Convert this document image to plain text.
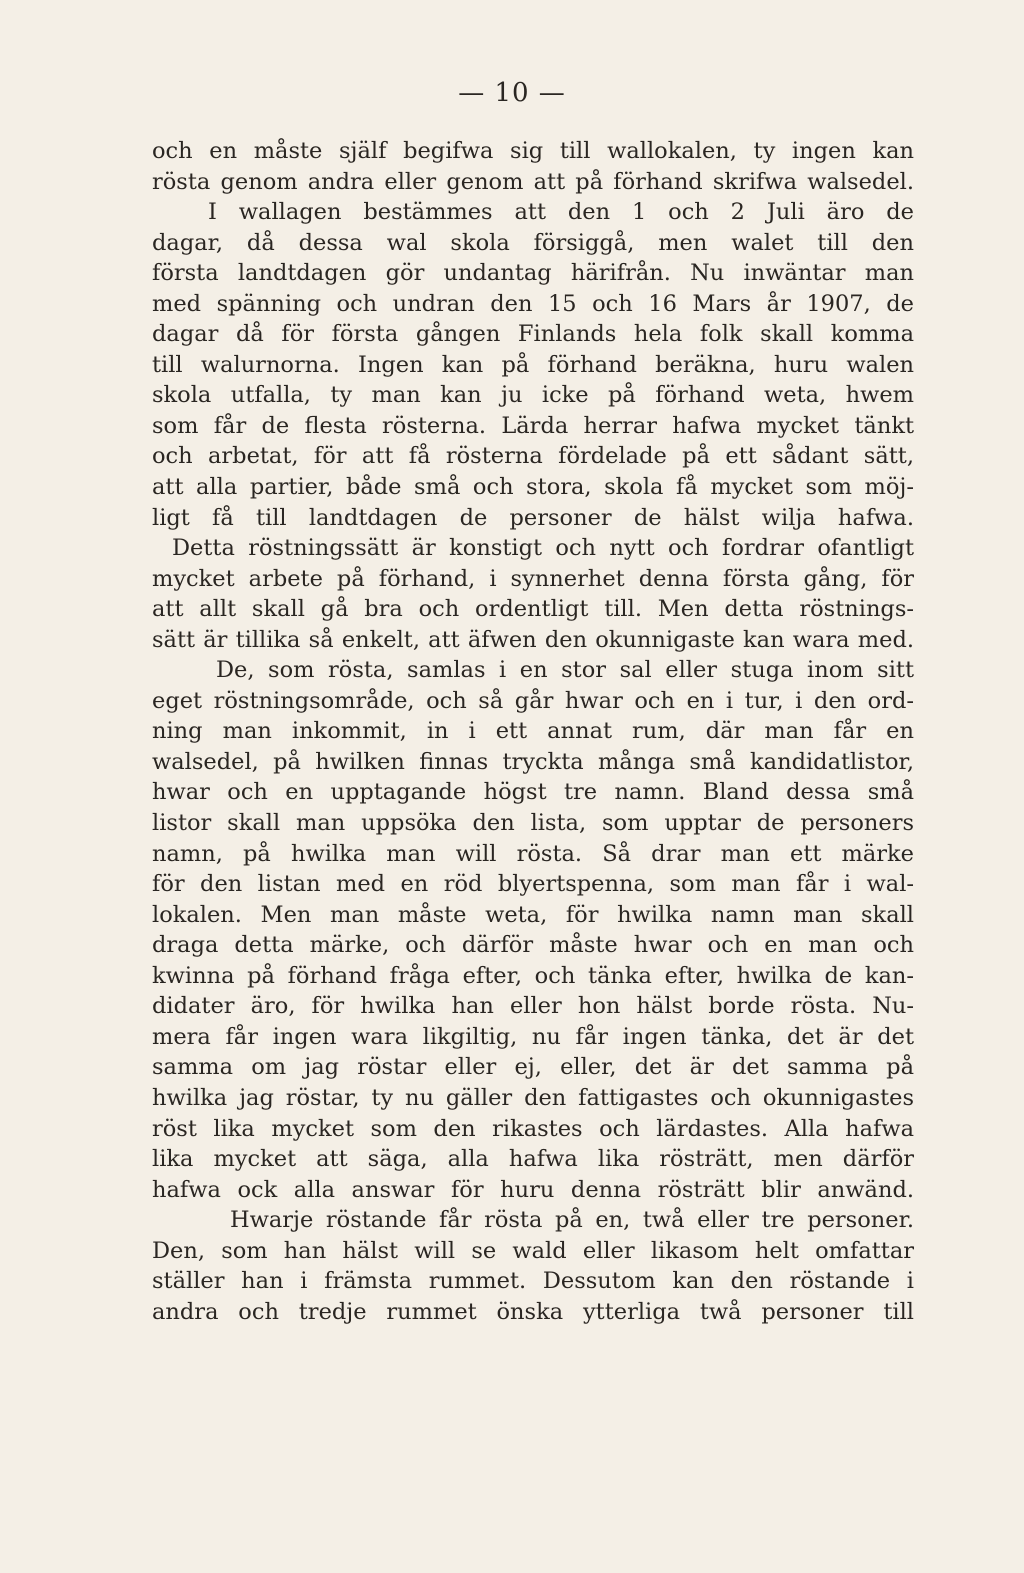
— 10 —
och en måste själf begifwa sig till wallokalen, ty ingen kan
rösta genom andra eller genom att på förhand skrifwa walsedel.
I wallagen bestämmes att den 1 och 2 Juli äro de
dagar, då dessa wal skola försiggå, men walet till den
första landtdagen gör undantag härifrån. Nu inwäntar man
med spänning och undran den 15 och 16 Mars år 1907, de
dagar då för första gången Finlands hela folk skall komma
till walurnorna. Ingen kan på förhand beräkna, huru walen
skola utfalla, ty man kan ju icke på förhand weta, hwem
som får de flesta rösterna. Lärda herrar hafwa mycket tänkt
och arbetat, för att få rösterna fördelade på ett sådant sätt,
att alla partier, både små och stora, skola få mycket som möj-
ligt få till landtdagen de personer de hälst wilja hafwa.
Detta röstningssätt är konstigt och nytt och fordrar ofantligt
mycket arbete på förhand, i synnerhet denna första gång, för
att allt skall gå bra och ordentligt till. Men detta röstnings-
sätt är tillika så enkelt, att äfwen den okunnigaste kan wara med.
De, som rösta, samlas i en stor sal eller stuga inom sitt
eget röstningsområde, och så går hwar och en i tur, i den ord-
ning man inkommit, in i ett annat rum, där man får en
walsedel, på hwilken finnas tryckta många små kandidatlistor,
hwar och en upptagande högst tre namn. Bland dessa små
listor skall man uppsöka den lista, som upptar de personers
namn, på hwilka man will rösta. Så drar man ett märke
för den listan med en röd blyertspenna, som man får i wal-
lokalen. Men man måste weta, för hwilka namn man skall
draga detta märke, och därför måste hwar och en man och
kwinna på förhand fråga efter, och tänka efter, hwilka de kan-
didater äro, för hwilka han eller hon hälst borde rösta. Nu-
mera får ingen wara likgiltig, nu får ingen tänka, det är det
samma om jag röstar eller ej, eller, det är det samma på
hwilka jag röstar, ty nu gäller den fattigastes och okunnigastes
röst lika mycket som den rikastes och lärdastes. Alla hafwa
lika mycket att säga, alla hafwa lika rösträtt, men därför
hafwa ock alla answar för huru denna rösträtt blir anwänd.
Hwarje röstande får rösta på en, twå eller tre personer.
Den, som han hälst will se wald eller likasom helt omfattar
ställer han i främsta rummet. Dessutom kan den röstande i
andra och tredje rummet önska ytterliga twå personer till
